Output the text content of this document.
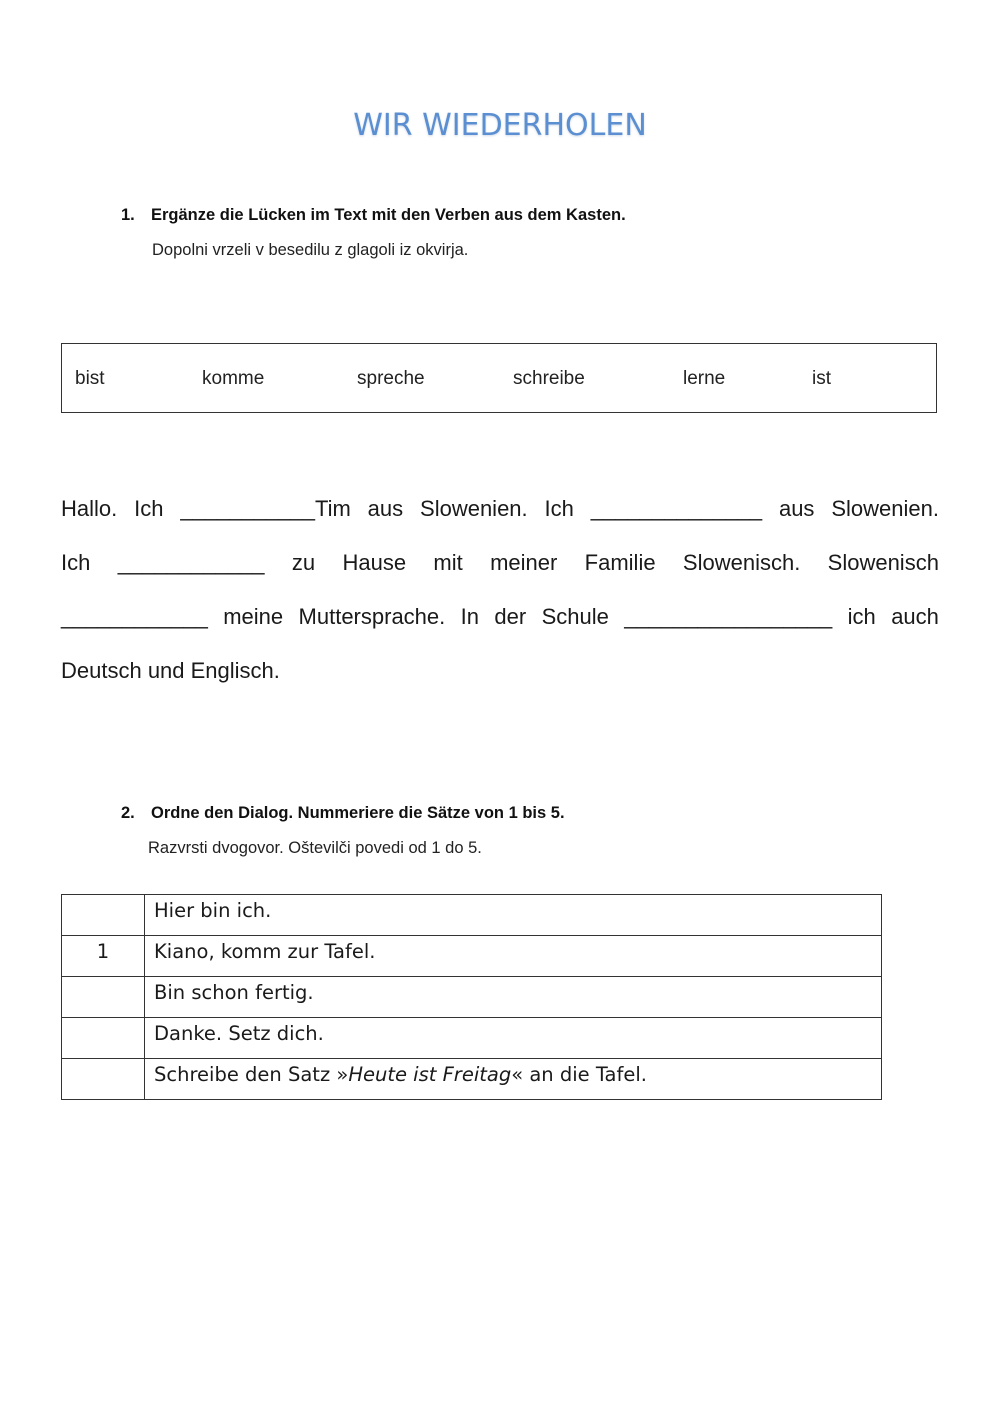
WIR WIEDERHOLEN
1. Ergänze die Lücken im Text mit den Verben aus dem Kasten.
Dopolni vrzeli v besedilu z glagoli iz okvirja.
bist	komme	spreche	schreibe	lerne	ist
Hallo. Ich ___________Tim aus Slowenien. Ich ______________ aus Slowenien.
Ich ____________ zu Hause mit meiner Familie Slowenisch. Slowenisch
____________ meine Muttersprache. In der Schule _________________ ich auch
Deutsch und Englisch.
2. Ordne den Dialog. Nummeriere die Sätze von 1 bis 5.
Razvrsti dvogovor. Oštevilči povedi od 1 do 5.

	Hier bin ich.

1	Kiano, komm zur Tafel.

	Bin schon fertig.

	Danke. Setz dich.

	Schreibe den Satz »Heute ist Freitag« an die Tafel.
